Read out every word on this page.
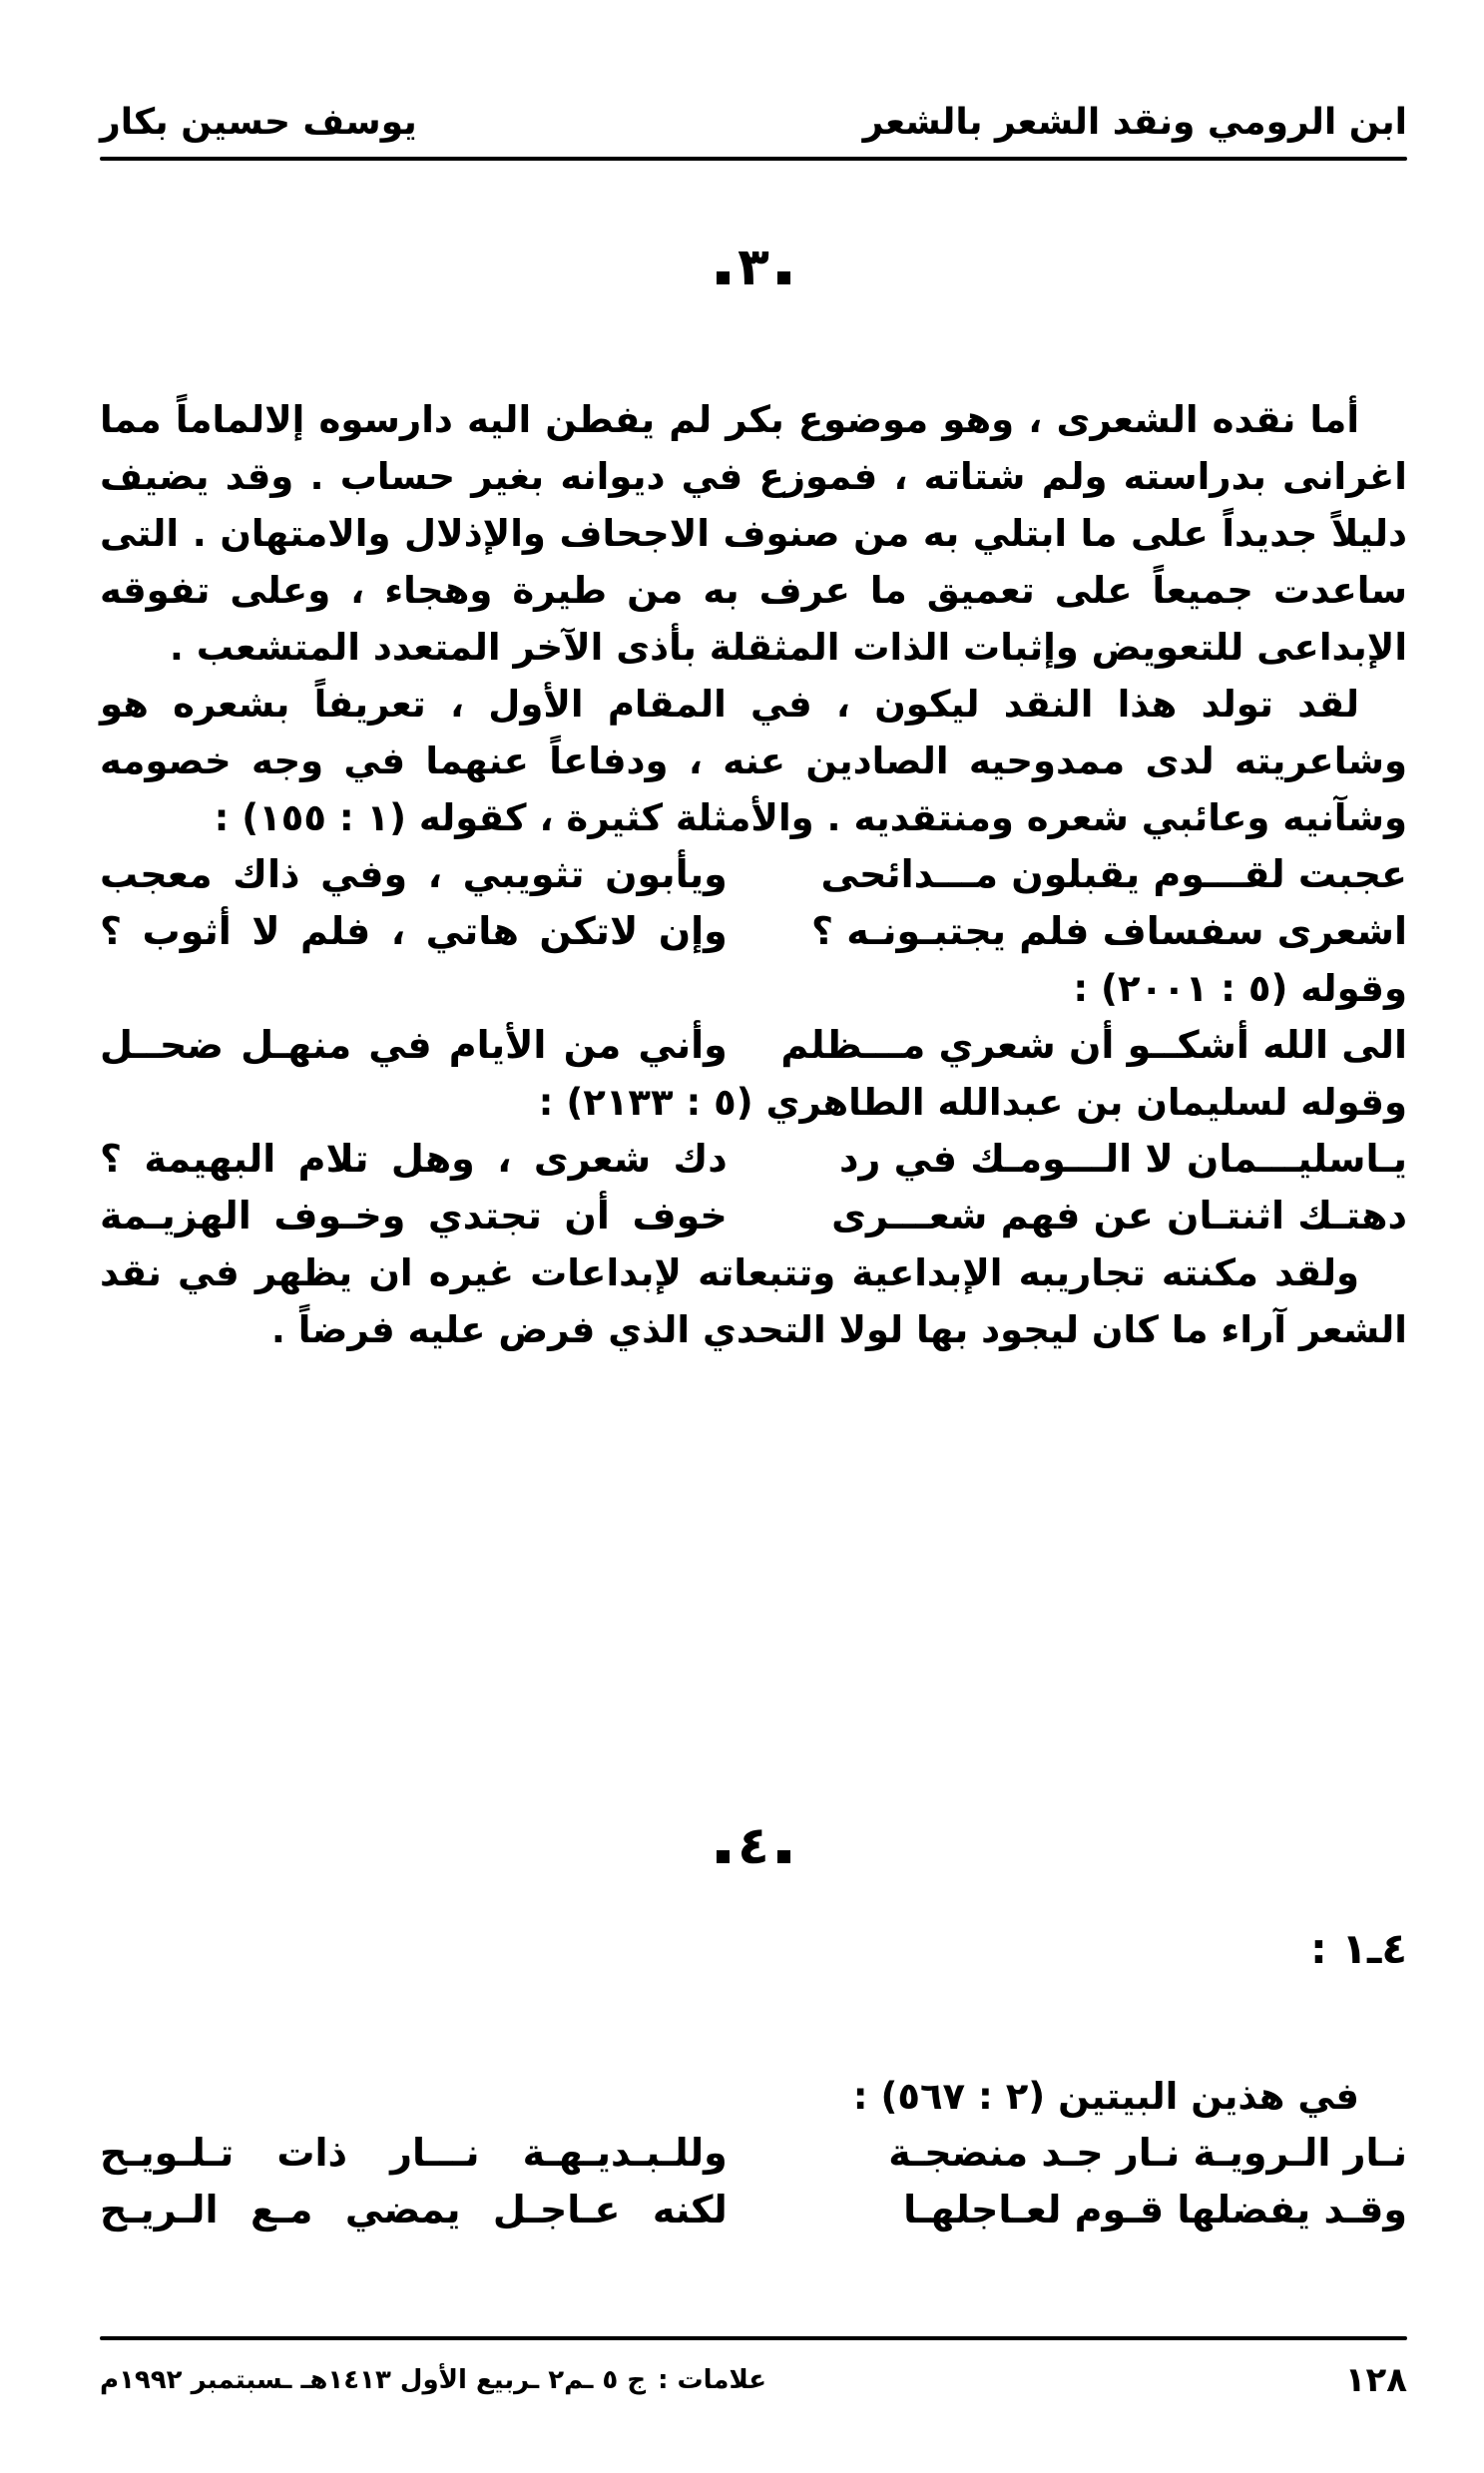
ابن الرومي ونقد الشعر بالشعر
يوسف حسين بكار
٣

أما نقده الشعرى ، وهو موضوع بكر لم يفطن اليه دارسوه إلالماماً مما اغرانى بدراسته ولم شتاته ، فموزع في ديوانه بغير حساب . وقد يضيف دليلاً جديداً على ما ابتلي به من صنوف الاجحاف والإذلال والامتهان . التى ساعدت جميعاً على تعميق ما عرف به من طيرة وهجاء ، وعلى تفوقه الإبداعى للتعويض وإثبات الذات المثقلة بأذى الآخر المتعدد المتشعب .

لقد تولد هذا النقد ليكون ، في المقام الأول ، تعريفاً بشعره هو وشاعريته لدى ممدوحيه الصادين عنه ، ودفاعاً عنهما في وجه خصومه وشآنيه وعائبي شعره ومنتقديه . والأمثلة كثيرة ، كقوله (١ : ١٥٥) :

عجبت لقـــوم يقبلون مـــدائحى
ويأبون تثويبي ، وفي ذاك معجب
اشعرى سفساف فلم يجتبـونـه ؟
وإن لاتكن هاتي ، فلم لا أثوب ؟

وقوله (٥ : ٢٠٠١) :

الى الله أشكــو أن شعري مـــظلم
وأني من الأيام في منهـل ضحــل

وقوله لسليمان بن عبدالله الطاهري (٥ : ٢١٣٣) :

يـاسليـــمان لا الـــومـك في رد
دك شعرى ، وهل تلام البهيمة ؟
دهتـك اثنتـان عن فهم شعـــرى
خوف أن تجتدي وخـوف الهزيـمة

ولقد مكنته تجاريبه الإبداعية وتتبعاته لإبداعات غيره ان يظهر في نقد الشعر آراء ما كان ليجود بها لولا التحدي الذي فرض عليه فرضاً .

٤
٤ـ١ :

في هذين البيتين (٢ : ٥٦٧) :

نـار الـرويـة نـار جـد منضجـة
وللـبـديـهـة نـــار ذات تـلـويـح
وقـد يفضلها قـوم لعـاجلهـا
لكنه عـاجـل يمضي مـع الـريـح
١٢٨
علامات :
ج ٥ ـم٢ ـربيع الأول ١٤١٣هـ ـسبتمبر ١٩٩٢م
